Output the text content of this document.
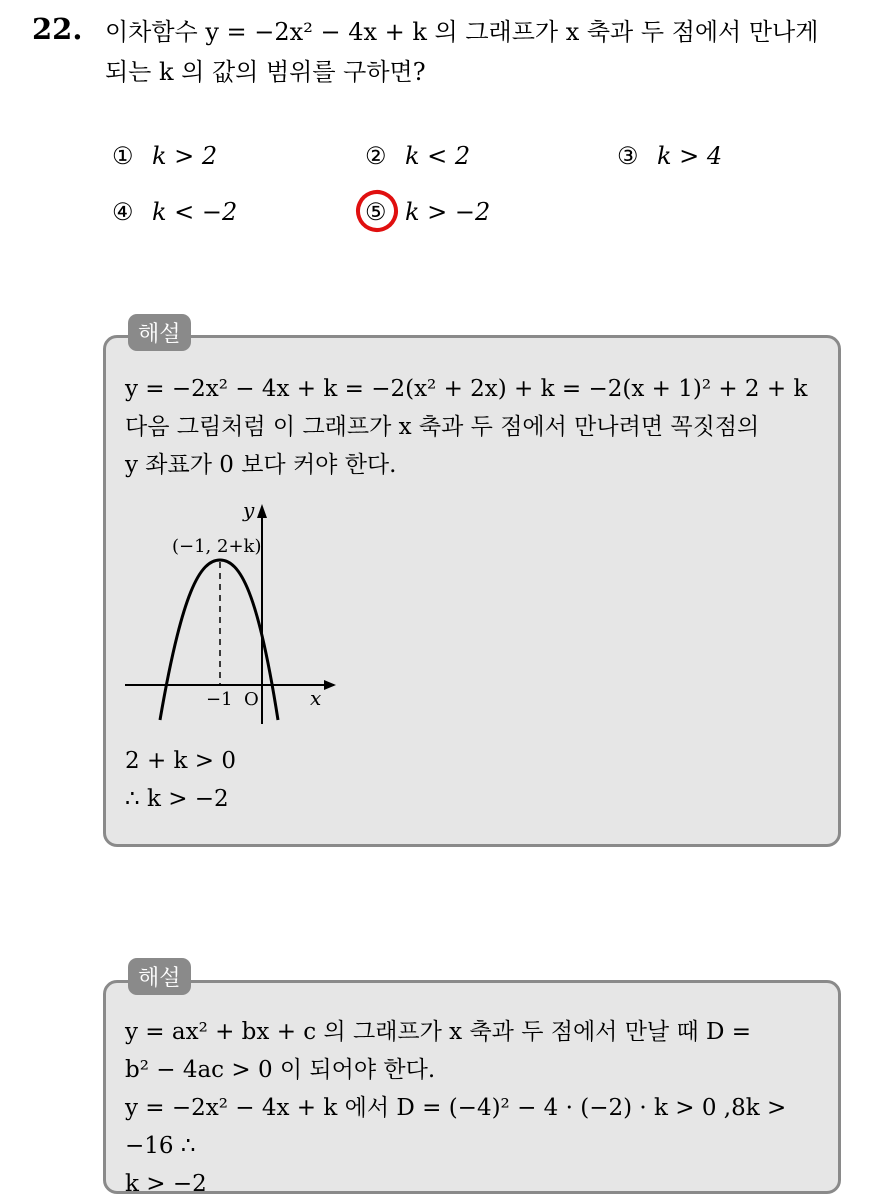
22. 이차함수 y = −2x² − 4x + k 의 그래프가 x 축과 두 점에서 만나게
되는 k 의 값의 범위를 구하면?
① k > 2	② k < 2	③ k > 4
④ k < −2	⑤ k > −2
해설
y = −2x² − 4x + k = −2(x² + 2x) + k = −2(x + 1)² + 2 + k
다음 그림처럼 이 그래프가 x 축과 두 점에서 만나려면 꼭짓점의
y 좌표가 0 보다 커야 한다.
y
x
(−1, 2+k)
−1 O
2 + k > 0
∴ k > −2
해설
y = ax² + bx + c 의 그래프가 x 축과 두 점에서 만날 때 D =
b² − 4ac > 0 이 되어야 한다.
y = −2x² − 4x + k 에서 D = (−4)² − 4 · (−2) · k > 0 ,8k > −16 ∴
k > −2
